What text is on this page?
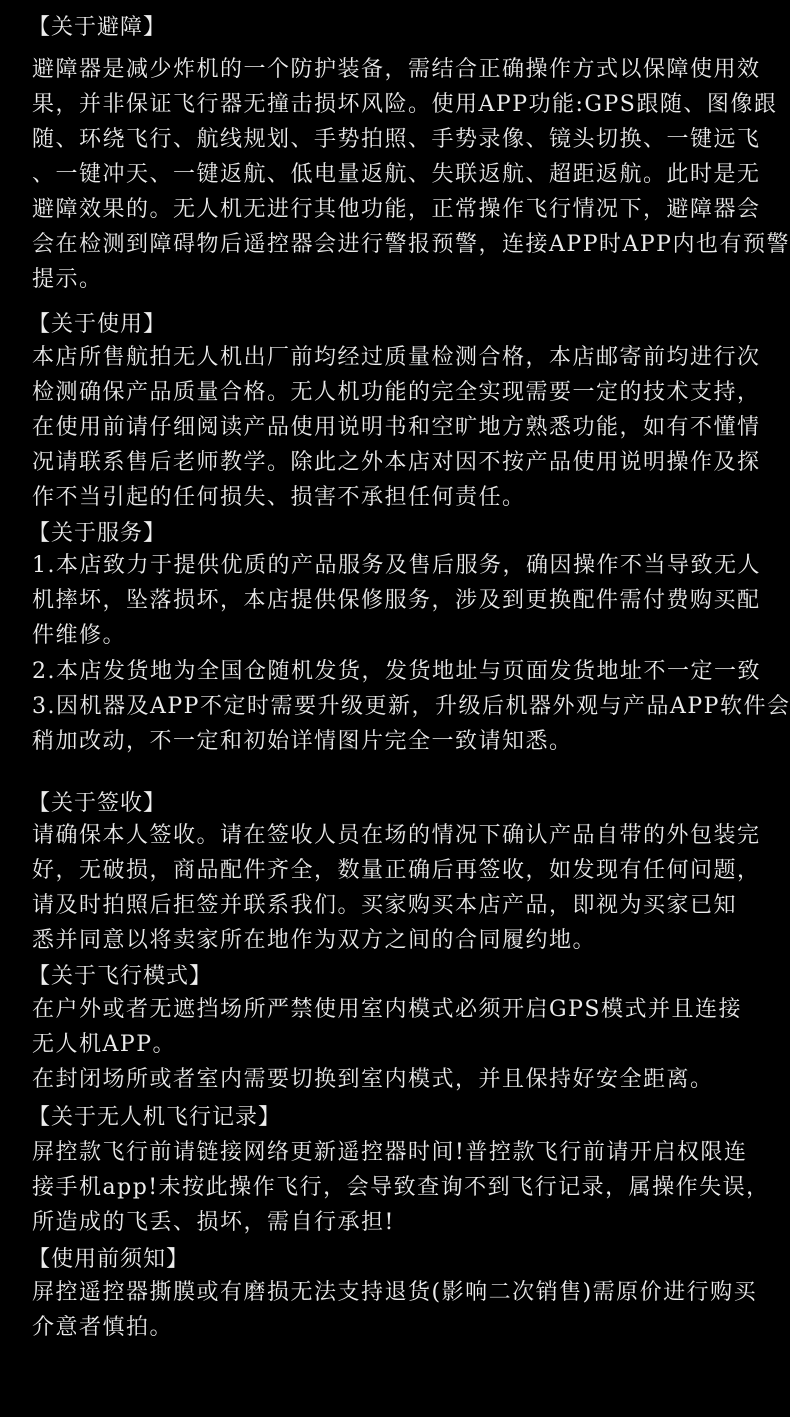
【关于避障】
避障器是减少炸机的一个防护装备，需结合正确操作方式以保障使用效
果，并非保证飞行器无撞击损坏风险。使用APP功能:GPS跟随、图像跟
随、环绕飞行、航线规划、手势拍照、手势录像、镜头切换、一键远飞
、一键冲天、一键返航、低电量返航、失联返航、超距返航。此时是无
避障效果的。无人机无进行其他功能，正常操作飞行情况下，避障器会
会在检测到障碍物后遥控器会进行警报预警，连接APP时APP内也有预警
提示。
【关于使用】
本店所售航拍无人机出厂前均经过质量检测合格，本店邮寄前均进行次
检测确保产品质量合格。无人机功能的完全实现需要一定的技术支持，
在使用前请仔细阅读产品使用说明书和空旷地方熟悉功能，如有不懂情
况请联系售后老师教学。除此之外本店对因不按产品使用说明操作及探
作不当引起的任何损失、损害不承担任何责任。
【关于服务】
1.本店致力于提供优质的产品服务及售后服务，确因操作不当导致无人
机摔坏，坠落损坏，本店提供保修服务，涉及到更换配件需付费购买配
件维修。
2.本店发货地为全国仓随机发货，发货地址与页面发货地址不一定一致
3.因机器及APP不定时需要升级更新，升级后机器外观与产品APP软件会
稍加改动，不一定和初始详情图片完全一致请知悉。
【关于签收】
请确保本人签收。请在签收人员在场的情况下确认产品自带的外包装完
好，无破损，商品配件齐全，数量正确后再签收，如发现有任何问题，
请及时拍照后拒签并联系我们。买家购买本店产品，即视为买家已知
悉并同意以将卖家所在地作为双方之间的合同履约地。
【关于飞行模式】
在户外或者无遮挡场所严禁使用室内模式必须开启GPS模式并且连接
无人机APP。
在封闭场所或者室内需要切换到室内模式，并且保持好安全距离。
【关于无人机飞行记录】
屏控款飞行前请链接网络更新遥控器时间!普控款飞行前请开启权限连
接手机app!未按此操作飞行，会导致查询不到飞行记录，属操作失误，
所造成的飞丢、损坏，需自行承担!
【使用前须知】
屏控遥控器撕膜或有磨损无法支持退货(影响二次销售)需原价进行购买
介意者慎拍。
